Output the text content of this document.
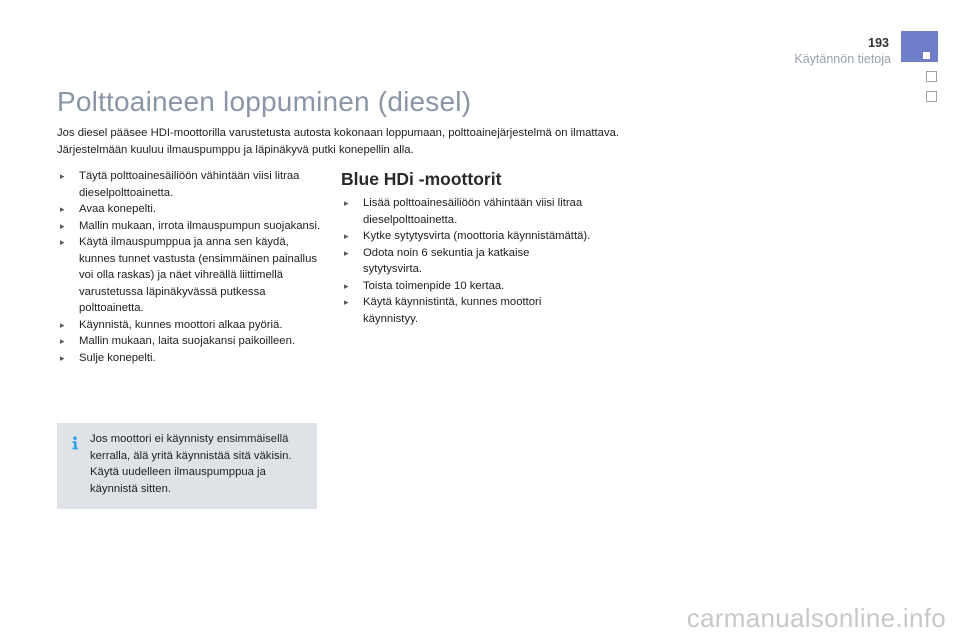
193
Käytännön tietoja
Polttoaineen loppuminen (diesel)

Jos diesel pääsee HDI-moottorilla varustetusta autosta kokonaan loppumaan, polttoainejärjestelmä on ilmattava.

Järjestelmään kuuluu ilmauspumppu ja läpinäkyvä putki konepellin alla.

▸ Täytä polttoainesäiliöön vähintään viisi litraa dieselpolttoainetta.
▸ Avaa konepelti.
▸ Mallin mukaan, irrota ilmauspumpun suojakansi.
▸ Käytä ilmauspumppua ja anna sen käydä, kunnes tunnet vastusta (ensimmäinen painallus voi olla raskas) ja näet vihreällä liittimellä varustetussa läpinäkyvässä putkessa polttoainetta.
▸ Käynnistä, kunnes moottori alkaa pyöriä.
▸ Mallin mukaan, laita suojakansi paikoilleen.
▸ Sulje konepelti.
Jos moottori ei käynnisty ensimmäisellä kerralla, älä yritä käynnistää sitä väkisin. Käytä uudelleen ilmauspumppua ja käynnistä sitten.
Blue HDi -moottorit
▸ Lisää polttoainesäiliöön vähintään viisi litraa dieselpolttoainetta.
▸ Kytke sytytysvirta (moottoria käynnistämättä).
▸ Odota noin 6 sekuntia ja katkaise sytytysvirta.
▸ Toista toimenpide 10 kertaa.
▸ Käytä käynnistintä, kunnes moottori käynnistyy.
carmanualsonline.info
